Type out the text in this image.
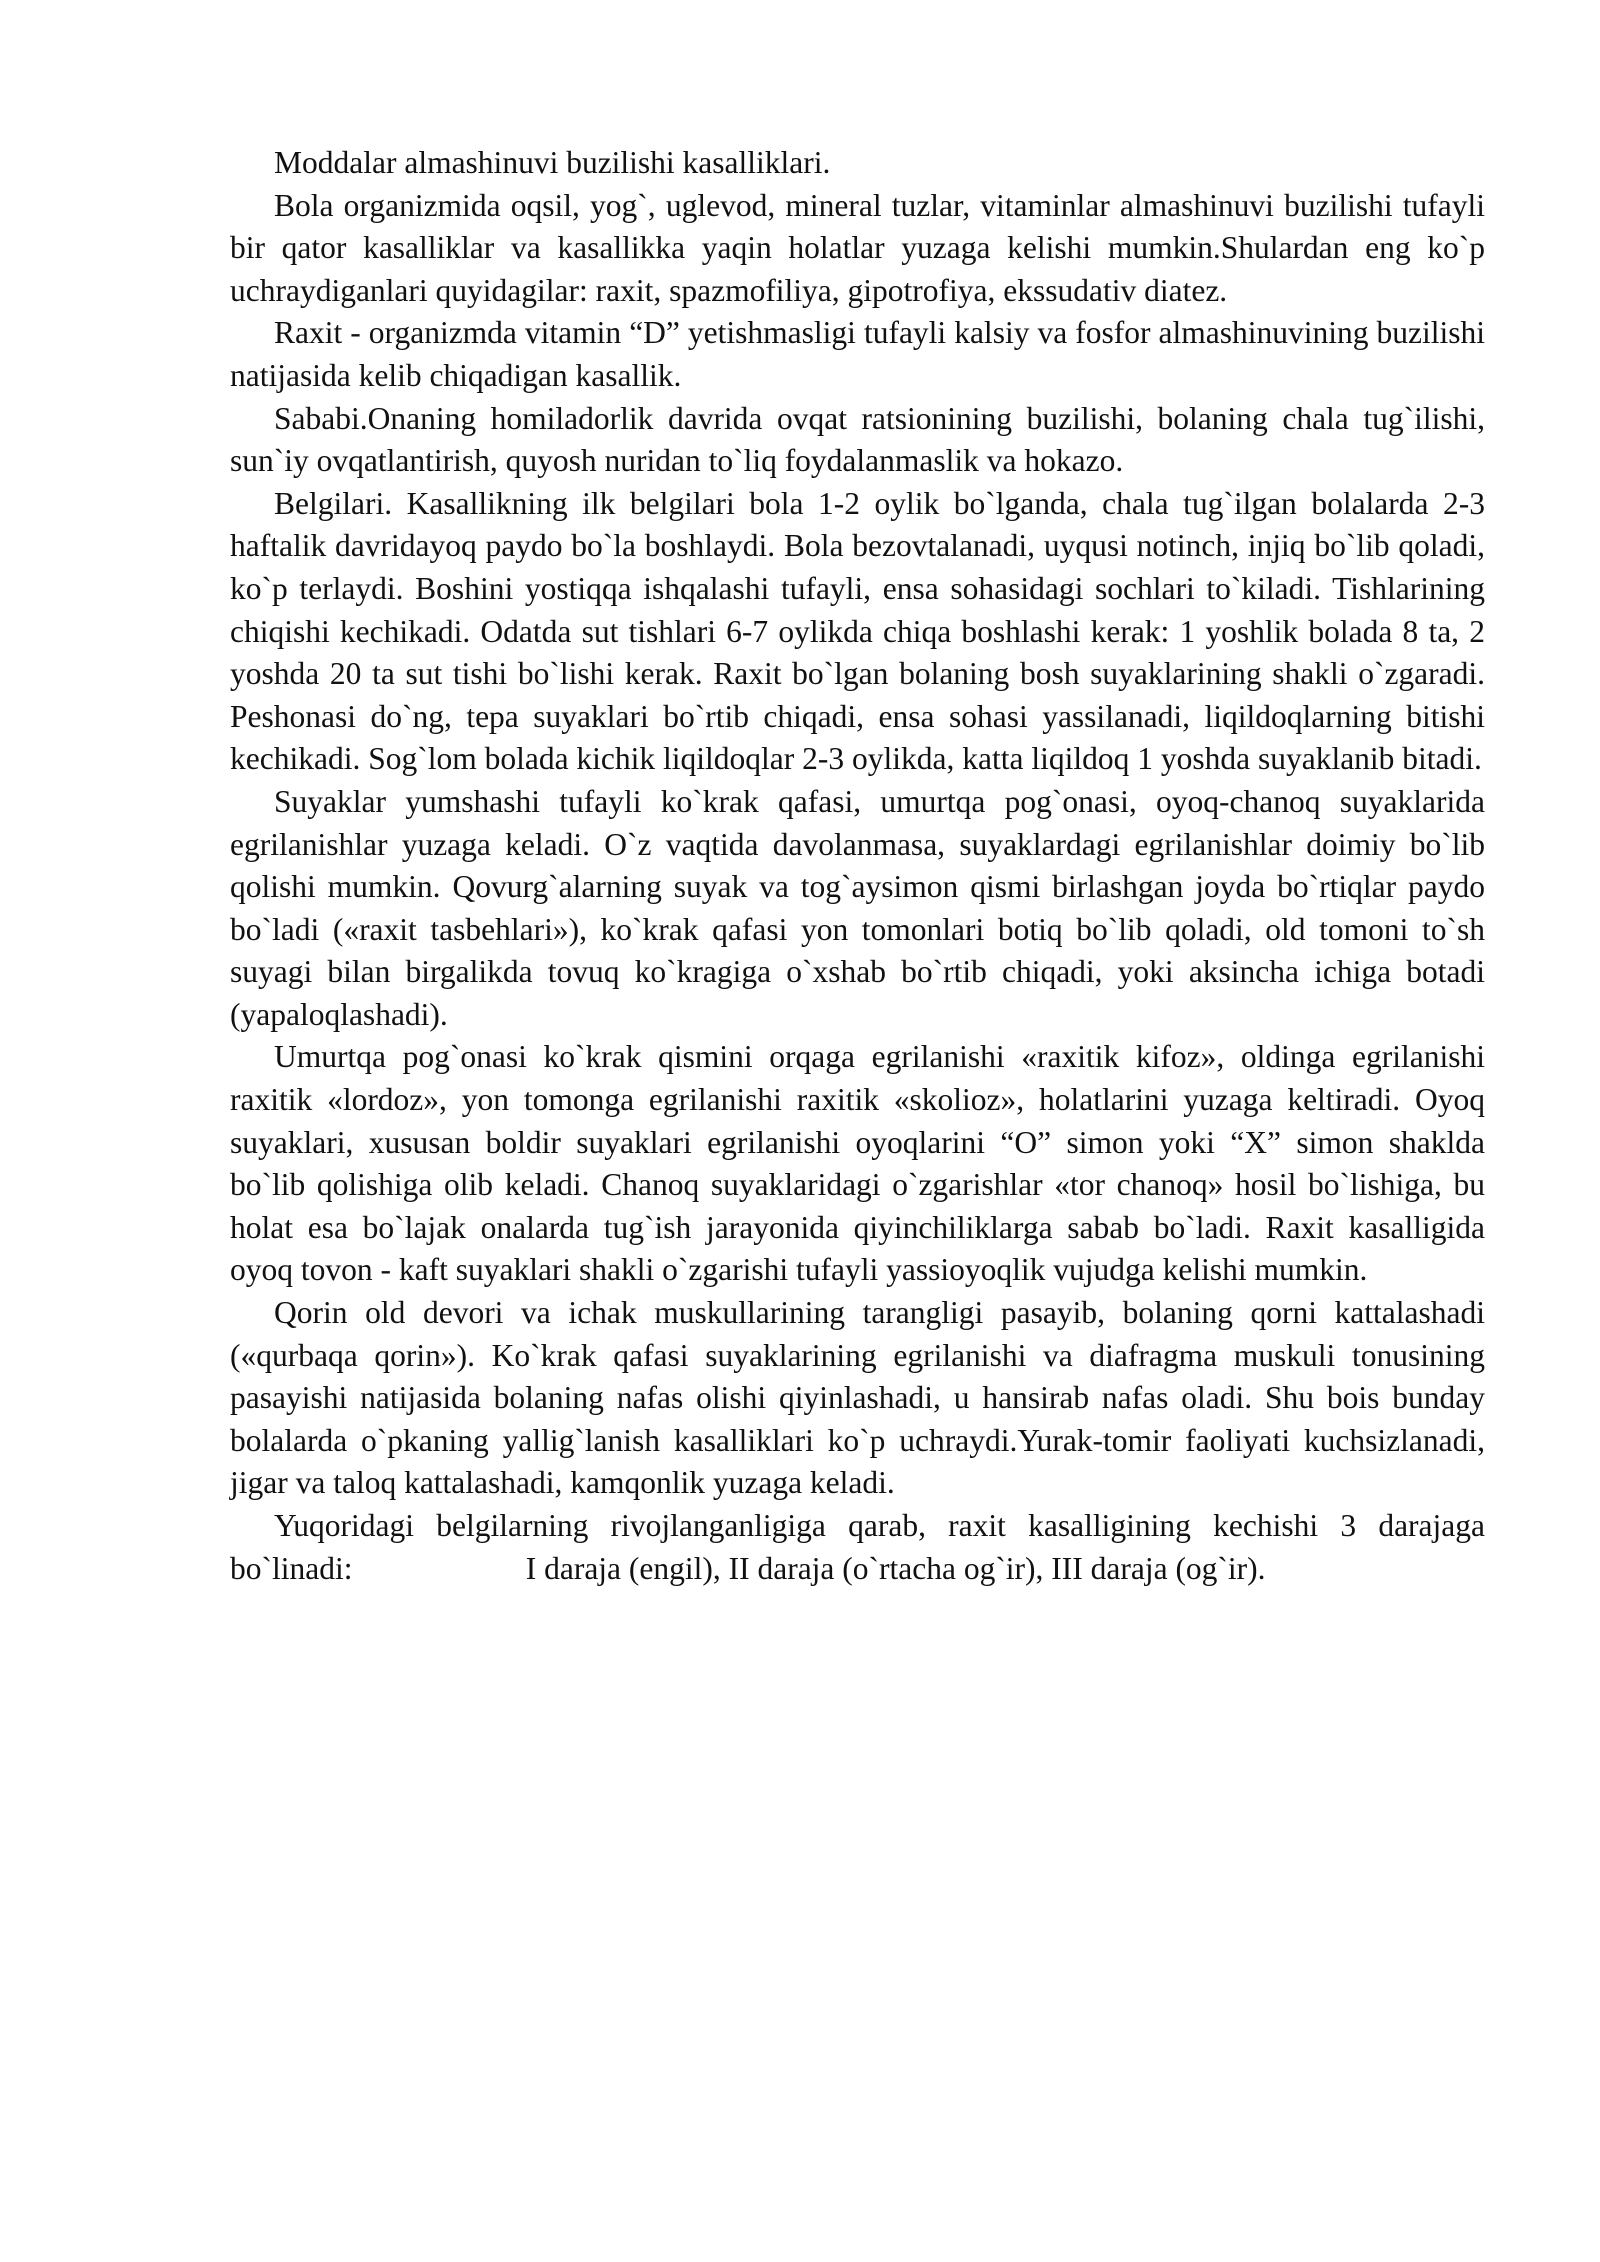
Moddalar almashinuvi buzilishi kasalliklari.

Bola organizmida oqsil, yog`, uglevod, mineral tuzlar, vitaminlar almashinuvi buzilishi tufayli bir qator kasalliklar va kasallikka yaqin holatlar yuzaga kelishi mumkin.Shulardan eng ko`p uchraydiganlari quyidagilar: raxit, spazmofiliya, gipotrofiya, ekssudativ diatez.

Raxit - organizmda vitamin “D” yetishmasligi tufayli kalsiy va fosfor almashinuvining buzilishi natijasida kelib chiqadigan kasallik.

Sababi.Onaning homiladorlik davrida ovqat ratsionining buzilishi, bolaning chala tug`ilishi, sun`iy ovqatlantirish, quyosh nuridan to`liq foydalanmaslik va hokazo.

Belgilari. Kasallikning ilk belgilari bola 1-2 oylik bo`lganda, chala tug`ilgan bolalarda 2-3 haftalik davridayoq paydo bo`la boshlaydi. Bola bezovtalanadi, uyqusi notinch, injiq bo`lib qoladi, ko`p terlaydi. Boshini yostiqqa ishqalashi tufayli, ensa sohasidagi sochlari to`kiladi. Tishlarining chiqishi kechikadi. Odatda sut tishlari 6-7 oylikda chiqa boshlashi kerak: 1 yoshlik bolada 8 ta, 2 yoshda 20 ta sut tishi bo`lishi kerak. Raxit bo`lgan bolaning bosh suyaklarining shakli o`zgaradi. Peshonasi do`ng, tepa suyaklari bo`rtib chiqadi, ensa sohasi yassilanadi, liqildoqlarning bitishi kechikadi. Sog`lom bolada kichik liqildoqlar 2-3 oylikda, katta liqildoq 1 yoshda suyaklanib bitadi.

Suyaklar yumshashi tufayli ko`krak qafasi, umurtqa pog`onasi, oyoq-chanoq suyaklarida egrilanishlar yuzaga keladi. O`z vaqtida davolanmasa, suyaklardagi egrilanishlar doimiy bo`lib qolishi mumkin. Qovurg`alarning suyak va tog`aysimon qismi birlashgan joyda bo`rtiqlar paydo bo`ladi («raxit tasbehlari»), ko`krak qafasi yon tomonlari botiq bo`lib qoladi, old tomoni to`sh suyagi bilan birgalikda tovuq ko`kragiga o`xshab bo`rtib chiqadi, yoki aksincha ichiga botadi (yapaloqlashadi).

Umurtqa pog`onasi ko`krak qismini orqaga egrilanishi «raxitik kifoz», oldinga egrilanishi raxitik «lordoz», yon tomonga egrilanishi raxitik «skolioz», holatlarini yuzaga keltiradi. Oyoq suyaklari, xususan boldir suyaklari egrilanishi oyoqlarini “O” simon yoki “X” simon shaklda bo`lib qolishiga olib keladi. Chanoq suyaklaridagi o`zgarishlar «tor chanoq» hosil bo`lishiga, bu holat esa bo`lajak onalarda tug`ish jarayonida qiyinchiliklarga sabab bo`ladi. Raxit kasalligida oyoq tovon - kaft suyaklari shakli o`zgarishi tufayli yassioyoqlik vujudga kelishi mumkin.

Qorin old devori va ichak muskullarining tarangligi pasayib, bolaning qorni kattalashadi («qurbaqa qorin»). Ko`krak qafasi suyaklarining egrilanishi va diafragma muskuli tonusining pasayishi natijasida bolaning nafas olishi qiyinlashadi, u hansirab nafas oladi. Shu bois bunday bolalarda o`pkaning yallig`lanish kasalliklari ko`p uchraydi.Yurak-tomir faoliyati kuchsizlanadi, jigar va taloq kattalashadi, kamqonlik yuzaga keladi.

Yuqoridagi belgilarning rivojlanganligiga qarab, raxit kasalligining kechishi 3 darajaga bo`linadi:                      I daraja (engil), II daraja (o`rtacha og`ir), III daraja (og`ir).
